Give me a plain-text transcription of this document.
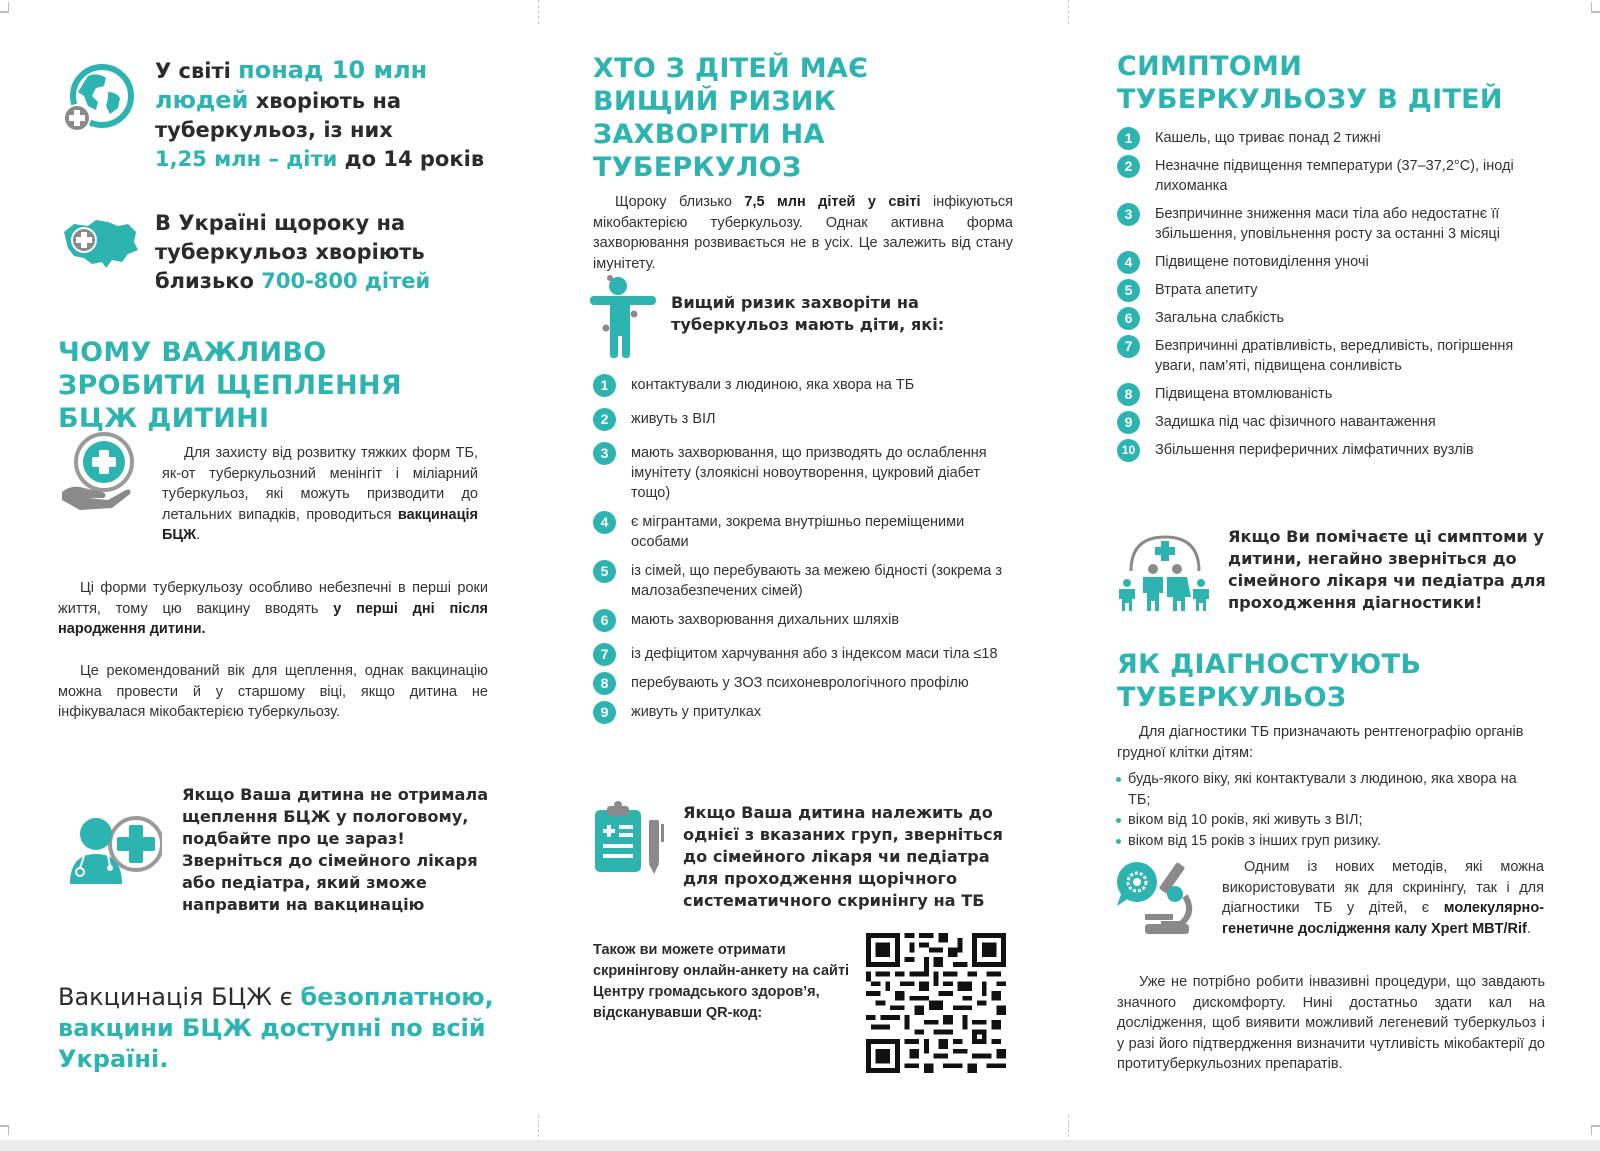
У світі понад 10 млн людей хворіють на туберкульоз, із них
1,25 млн – діти до 14 років
В Україні щороку на туберкульоз хворіють близько 700-800 дітей
ЧОМУ ВАЖЛИВО ЗРОБИТИ ЩЕПЛЕННЯ БЦЖ ДИТИНІ
Для захисту від розвитку тяжких форм ТБ, як-от туберкульозний менінгіт і міліарний туберкульоз, які можуть призводити до летальних випадків, проводиться вакцинація БЦЖ.
Ці форми туберкульозу особливо небезпечні в перші роки життя, тому цю вакцину вводять у перші дні після народження дитини.
Це рекомендований вік для щеплення, однак вакцинацію можна провести й у старшому віці, якщо дитина не інфікувалася мікобактерією туберкульозу.
Якщо Ваша дитина не отримала щеплення БЦЖ у пологовому, подбайте про це зараз! Зверніться до сімейного лікаря або педіатра, який зможе направити на вакцинацію
Вакцинація БЦЖ є безоплатною, вакцини БЦЖ доступні по всій Україні.
ХТО З ДІТЕЙ МАЄ ВИЩИЙ РИЗИК ЗАХВОРІТИ НА ТУБЕРКУЛОЗ
Щороку близько 7,5 млн дітей у світі інфікуються мікобактерією туберкульозу. Однак активна форма захворювання розвивається не в усіх. Це залежить від стану імунітету.
Вищий ризик захворіти на туберкульоз мають діти, які:
1	контактували з людиною, яка хвора на ТБ
2	живуть з ВІЛ
3	мають захворювання, що призводять до ослаблення імунітету (злоякісні новоутворення, цукровий діабет тощо)
4	є мігрантами, зокрема внутрішньо переміщеними особами
5	із сімей, що перебувають за межею бідності (зокрема з малозабезпечених сімей)
6	мають захворювання дихальних шляхів
7	із дефіцитом харчування або з індексом маси тіла ≤18
8	перебувають у ЗОЗ психоневрологічного профілю
9	живуть у притулках
Якщо Ваша дитина належить до однієї з вказаних груп, зверніться до сімейного лікаря чи педіатра для проходження щорічного систематичного скринінгу на ТБ
Також ви можете отримати скринінгову онлайн-анкету на сайті Центру громадського здоров’я, відсканувавши QR-код:
СИМПТОМИ ТУБЕРКУЛЬОЗУ В ДІТЕЙ
1	Кашель, що триває понад 2 тижні
2	Незначне підвищення температури (37–37,2°C), іноді лихоманка
3	Безпричинне зниження маси тіла або недостатнє її збільшення, уповільнення росту за останні 3 місяці
4	Підвищене потовиділення уночі
5	Втрата апетиту
6	Загальна слабкість
7	Безпричинні дратівливість, вередливість, погіршення уваги, пам’яті, підвищена сонливість
8	Підвищена втомлюваність
9	Задишка під час фізичного навантаження
10	Збільшення периферичних лімфатичних вузлів
Якщо Ви помічаєте ці симптоми у дитини, негайно зверніться до сімейного лікаря чи педіатра для проходження діагностики!
ЯК ДІАГНОСТУЮТЬ ТУБЕРКУЛЬОЗ
Для діагностики ТБ призначають рентгенографію органів грудної клітки дітям:
будь-якого віку, які контактували з людиною, яка хвора на ТБ;
віком від 10 років, які живуть з ВІЛ;
віком від 15 років з інших груп ризику.
Одним із нових методів, які можна використовувати як для скринінгу, так і для діагностики ТБ у дітей, є молекулярно-генетичне дослідження калу Xpert MBT/Rif.
Уже не потрібно робити інвазивні процедури, що завдають значного дискомфорту. Нині достатньо здати кал на дослідження, щоб виявити можливий легеневий туберкульоз і у разі його підтвердження визначити чутливість мікобактерії до протитуберкульозних препаратів.
